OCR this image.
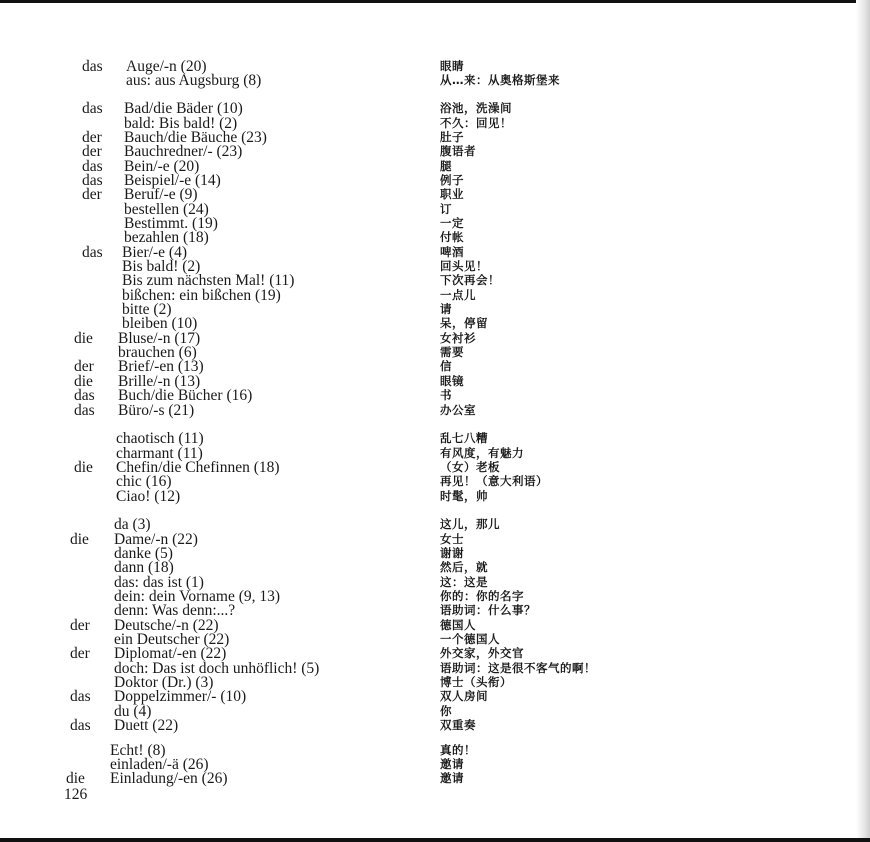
das Auge/-n (20)	眼睛
aus: aus Augsburg (8)	从…来：从奥格斯堡来
das Bad/die Bäder (10)	浴池，洗澡间
bald: Bis bald! (2)	不久：回见！
der Bauch/die Bäuche (23)	肚子
der Bauchredner/- (23)	腹语者
das Bein/-e (20)	腿
das Beispiel/-e (14)	例子
der Beruf/-e (9)	职业
bestellen (24)	订
Bestimmt. (19)	一定
bezahlen (18)	付帐
das Bier/-e (4)	啤酒
Bis bald! (2)	回头见！
Bis zum nächsten Mal! (11)	下次再会！
bißchen: ein bißchen (19)	一点儿
bitte (2)	请
bleiben (10)	呆，停留
die Bluse/-n (17)	女衬衫
brauchen (6)	需要
der Brief/-en (13)	信
die Brille/-n (13)	眼镜
das Buch/die Bücher (16)	书
das Büro/-s (21)	办公室
chaotisch (11)	乱七八糟
charmant (11)	有风度，有魅力
die Chefin/die Chefinnen (18)	（女）老板
chic (16)	再见！（意大利语）
Ciao! (12)	时髦，帅
da (3)	这儿，那儿
die Dame/-n (22)	女士
danke (5)	谢谢
dann (18)	然后，就
das: das ist (1)	这：这是
dein: dein Vorname (9, 13)	你的：你的名字
denn: Was denn:...?	语助词：什么事？
der Deutsche/-n (22)	德国人
ein Deutscher (22)	一个德国人
der Diplomat/-en (22)	外交家，外交官
doch: Das ist doch unhöflich! (5)	语助词：这是很不客气的啊！
Doktor (Dr.) (3)	博士（头衔）
das Doppelzimmer/- (10)	双人房间
du (4)	你
das Duett (22)	双重奏
Echt! (8)	真的！
einladen/-ä (26)	邀请
die Einladung/-en (26)	邀请
126
